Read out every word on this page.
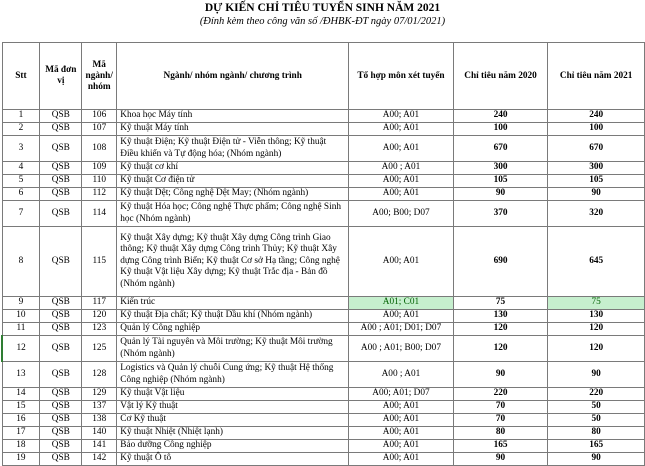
DỰ KIẾN CHỈ TIÊU TUYỂN SINH NĂM 2021
(Đính kèm theo công văn số /ĐHBK-ĐT ngày 07/01/2021)
Stt	Mã đơn vị	Mã ngành/ nhóm	Ngành/ nhóm ngành/ chương trình	Tổ hợp môn xét tuyển	Chỉ tiêu năm 2020	Chỉ tiêu năm 2021
1	QSB	106	Khoa học Máy tính	A00; A01	240	240
2	QSB	107	Kỹ thuật Máy tính	A00; A01	100	100
3	QSB	108	Kỹ thuật Điện; Kỹ thuật Điện tử - Viễn thông; Kỹ thuật Điều khiển và Tự động hóa; (Nhóm ngành)	A00; A01	670	670
4	QSB	109	Kỹ thuật cơ khí	A00 ; A01	300	300
5	QSB	110	Kỹ thuật Cơ điện tử	A00; A01	105	105
6	QSB	112	Kỹ thuật Dệt; Công nghệ Dệt May; (Nhóm ngành)	A00; A01	90	90
7	QSB	114	Kỹ thuật Hóa học; Công nghệ Thực phẩm; Công nghệ Sinh học (Nhóm ngành)	A00; B00; D07	370	320
8	QSB	115	Kỹ thuật Xây dựng; Kỹ thuật Xây dựng Công trình Giao thông; Kỹ thuật Xây dựng Công trình Thủy; Kỹ thuật Xây dựng Công trình Biển; Kỹ thuật Cơ sở Hạ tầng; Công nghệ Kỹ thuật Vật liệu Xây dựng; Kỹ thuật Trắc địa - Bản đồ (Nhóm ngành)	A00; A01	690	645
9	QSB	117	Kiến trúc	A01; C01	75	75
10	QSB	120	Kỹ thuật Địa chất; Kỹ thuật Dầu khí (Nhóm ngành)	A00; A01	130	130
11	QSB	123	Quản lý Công nghiệp	A00 ; A01; D01; D07	120	120
12	QSB	125	Quản lý Tài nguyên và Môi trường; Kỹ thuật Môi trường (Nhóm ngành)	A00 ; A01; B00; D07	120	120
13	QSB	128	Logistics và Quản lý chuỗi Cung ứng; Kỹ thuật Hệ thống Công nghiệp (Nhóm ngành)	A00 ; A01	90	90
14	QSB	129	Kỹ thuật Vật liệu	A00; A01; D07	220	220
15	QSB	137	Vật lý Kỹ thuật	A00; A01	70	50
16	QSB	138	Cơ Kỹ thuật	A00; A01	70	50
17	QSB	140	Kỹ thuật Nhiệt (Nhiệt lạnh)	A00; A01	80	80
18	QSB	141	Bảo dưỡng Công nghiệp	A00; A01	165	165
19	QSB	142	Kỹ thuật Ô tô	A00; A01	90	90
